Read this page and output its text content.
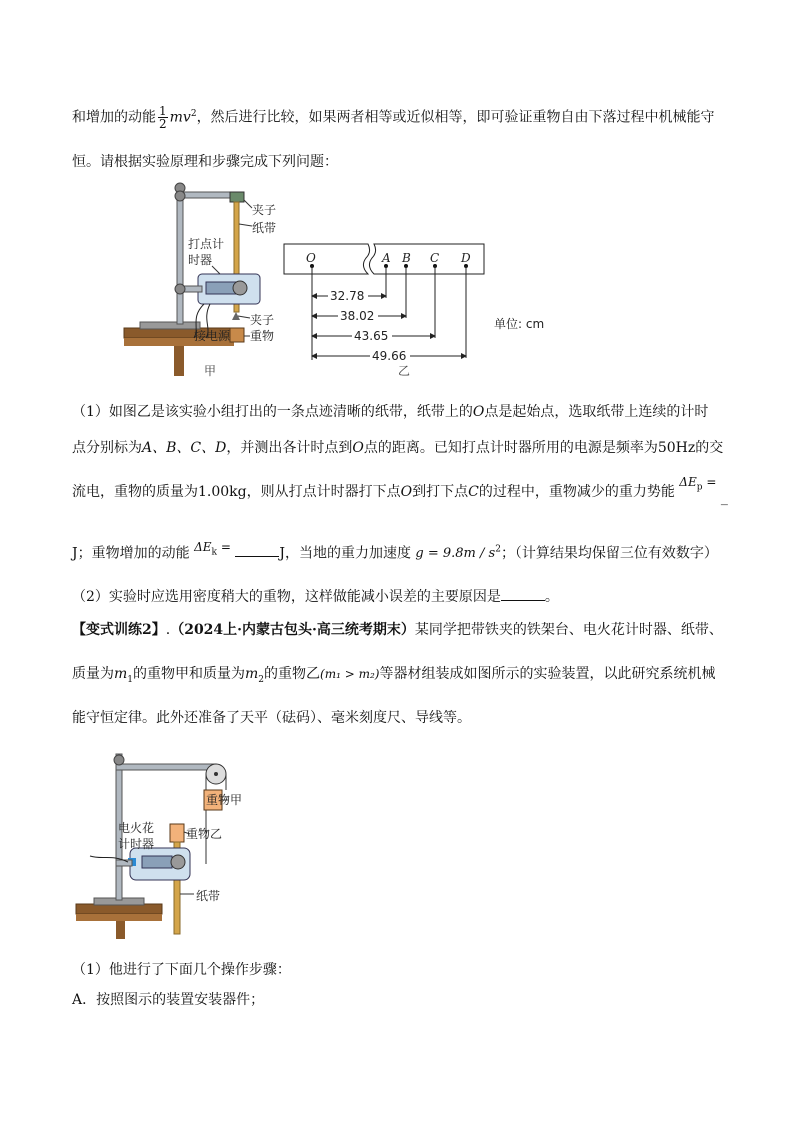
和增加的动能 $\frac{1}{2} mv^2$，然后进行比较，如果两者相等或近似相等，即可验证重物自由下落过程中机械能守
恒。请根据实验原理和步骤完成下列问题：
夹子
纸带
打点计
时器
接电源
夹子
重物
甲
O	A B C D
32.78
38.02
43.65
49.66
单位: cm
乙
（1）如图乙是该实验小组打出的一条点迹清晰的纸带，纸带上的O点是起始点，选取纸带上连续的计时
点分别标为A、B、C、D，并测出各计时点到O点的距离。已知打点计时器所用的电源是频率为50Hz的交
流电，重物的质量为1.00kg，则从打点计时器打下点O到打下点C的过程中，重物减少的重力势能 $\Delta E_p$ = _
J；重物增加的动能 $\Delta E_k$ =	J，当地的重力加速度 $g = 9.8m / s^2$；（计算结果均保留三位有效数字）
（2）实验时应选用密度稍大的重物，这样做能减小误差的主要原因是	。
【变式训练2】.（2024上·内蒙古包头·高三统考期末）某同学把带铁夹的铁架台、电火花计时器、纸带、
质量为$m_1$的重物甲和质量为$m_2$的重物乙(m₁ > m₂)等器材组装成如图所示的实验装置，以此研究系统机械
能守恒定律。此外还准备了天平（砝码）、毫米刻度尺、导线等。
重物甲
电火花
计时器
重物乙
纸带
（1）他进行了下面几个操作步骤：
A．按照图示的装置安装器件；
